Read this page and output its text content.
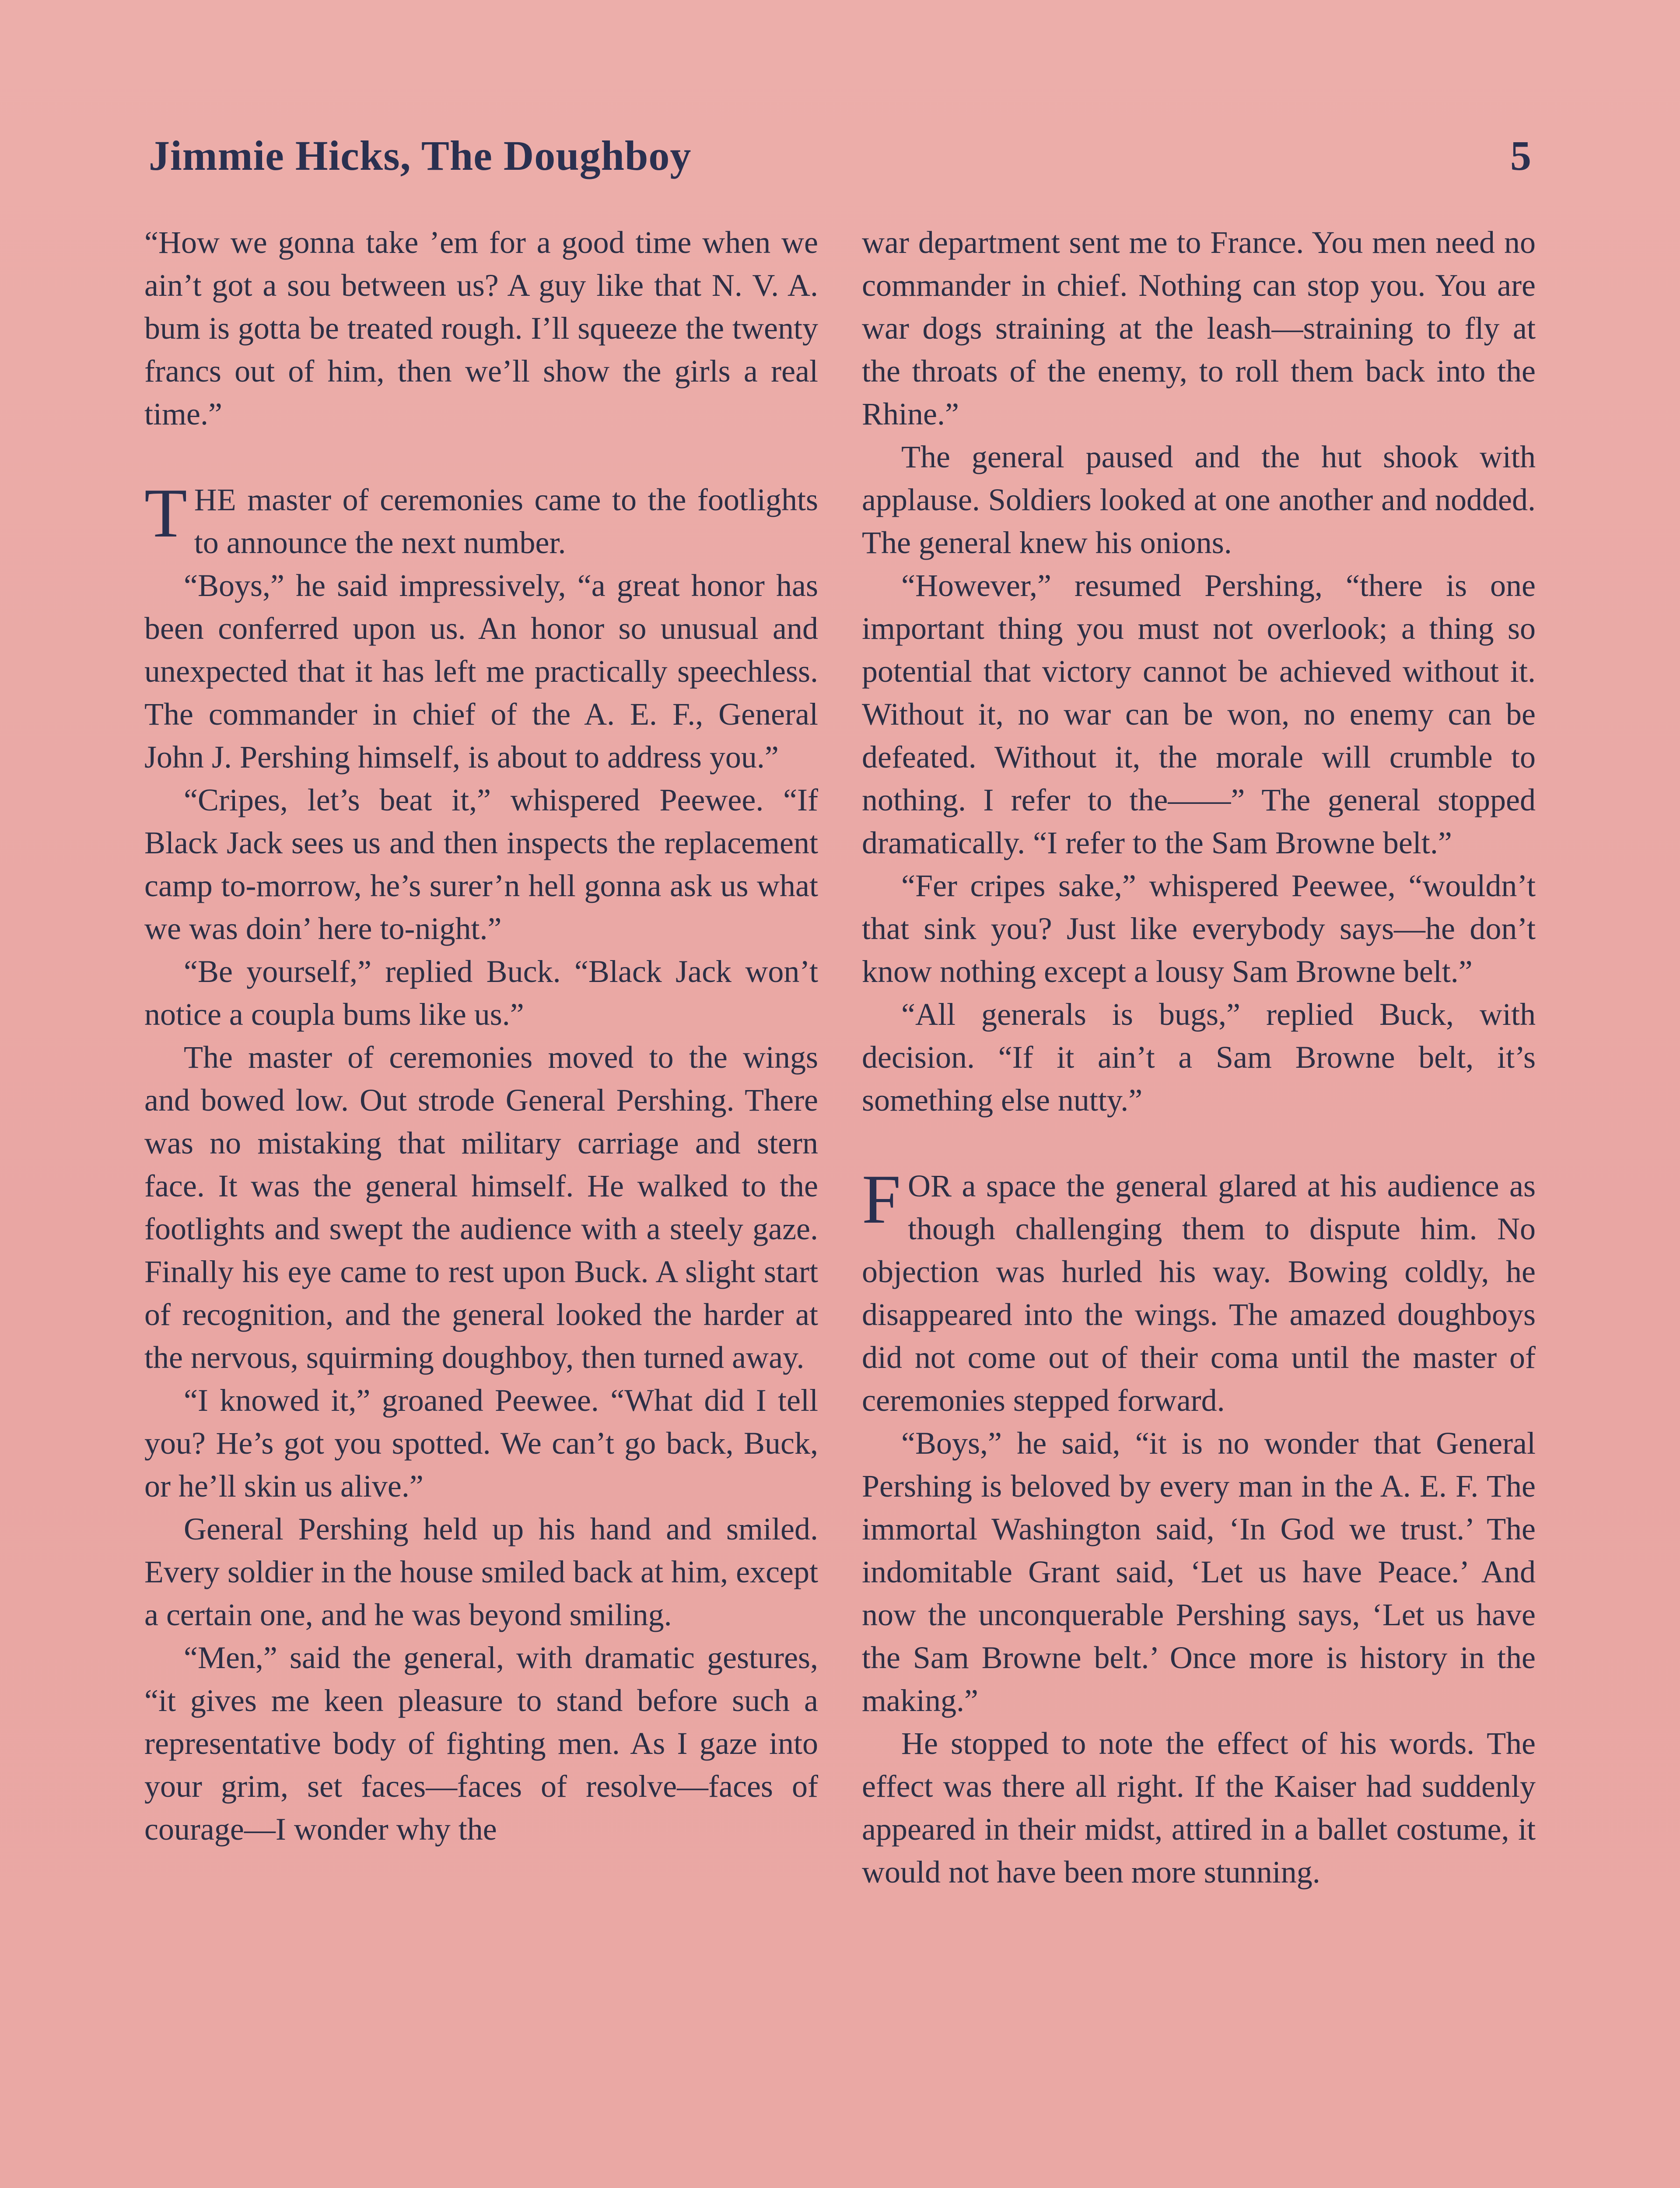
Jimmie Hicks, The Doughboy	5

“How we gonna take ’em for a good time when we ain’t got a sou between us? A guy like that N. V. A. bum is gotta be treated rough. I’ll squeeze the twenty francs out of him, then we’ll show the girls a real time.”

THE master of ceremonies came to the footlights to announce the next number.

“Boys,” he said impressively, “a great honor has been conferred upon us. An honor so unusual and unexpected that it has left me practically speechless. The commander in chief of the A. E. F., General John J. Pershing himself, is about to address you.”

“Cripes, let’s beat it,” whispered Peewee. “If Black Jack sees us and then inspects the replacement camp to-morrow, he’s surer’n hell gonna ask us what we was doin’ here to-night.”

“Be yourself,” replied Buck. “Black Jack won’t notice a coupla bums like us.”

The master of ceremonies moved to the wings and bowed low. Out strode General Pershing. There was no mistaking that military carriage and stern face. It was the general himself. He walked to the footlights and swept the audience with a steely gaze. Finally his eye came to rest upon Buck. A slight start of recognition, and the general looked the harder at the nervous, squirming doughboy, then turned away.

“I knowed it,” groaned Peewee. “What did I tell you? He’s got you spotted. We can’t go back, Buck, or he’ll skin us alive.”

General Pershing held up his hand and smiled. Every soldier in the house smiled back at him, except a certain one, and he was beyond smiling.

“Men,” said the general, with dramatic gestures, “it gives me keen pleasure to stand before such a representative body of fighting men. As I gaze into your grim, set faces—faces of resolve—faces of courage—I wonder why the

war department sent me to France. You men need no commander in chief. Nothing can stop you. You are war dogs straining at the leash—straining to fly at the throats of the enemy, to roll them back into the Rhine.”

The general paused and the hut shook with applause. Soldiers looked at one another and nodded. The general knew his onions.

“However,” resumed Pershing, “there is one important thing you must not overlook; a thing so potential that victory cannot be achieved without it. Without it, no war can be won, no enemy can be defeated. Without it, the morale will crumble to nothing. I refer to the——” The general stopped dramatically. “I refer to the Sam Browne belt.”

“Fer cripes sake,” whispered Peewee, “wouldn’t that sink you? Just like everybody says—he don’t know nothing except a lousy Sam Browne belt.”

“All generals is bugs,” replied Buck, with decision. “If it ain’t a Sam Browne belt, it’s something else nutty.”

FOR a space the general glared at his audience as though challenging them to dispute him. No objection was hurled his way. Bowing coldly, he disappeared into the wings. The amazed doughboys did not come out of their coma until the master of ceremonies stepped forward.

“Boys,” he said, “it is no wonder that General Pershing is beloved by every man in the A. E. F. The immortal Washington said, ‘In God we trust.’ The indomitable Grant said, ‘Let us have Peace.’ And now the unconquerable Pershing says, ‘Let us have the Sam Browne belt.’ Once more is history in the making.”

He stopped to note the effect of his words. The effect was there all right. If the Kaiser had suddenly appeared in their midst, attired in a ballet costume, it would not have been more stunning.
